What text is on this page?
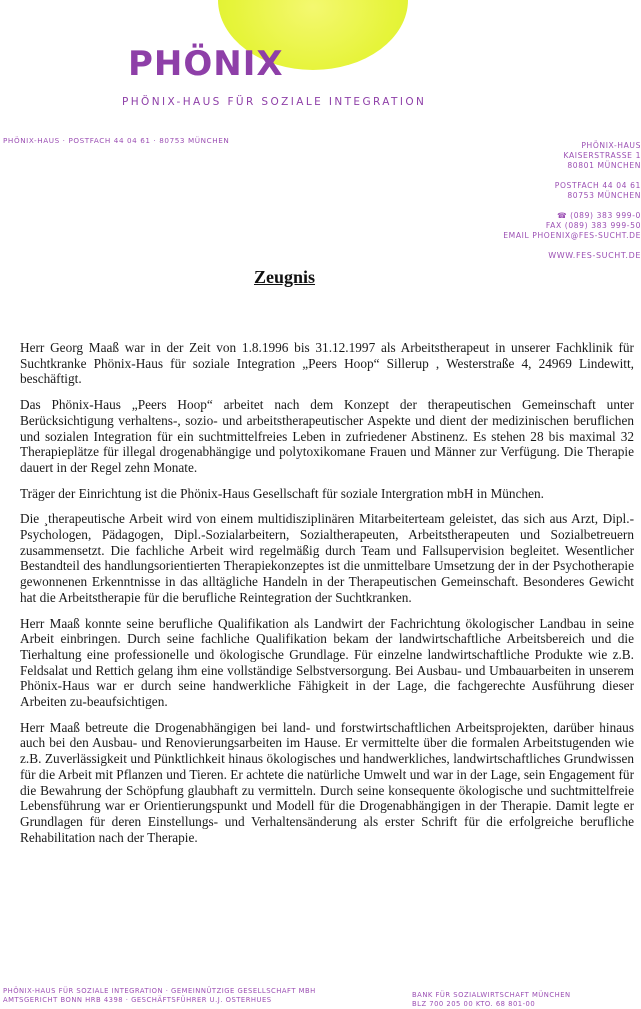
PHÖNIX
PHÖNIX-HAUS FÜR SOZIALE INTEGRATION
PHÖNIX-HAUS · POSTFACH 44 04 61 · 80753 MÜNCHEN
PHÖNIX-HAUS
KAISERSTRASSE 1
80801 MÜNCHEN
POSTFACH 44 04 61
80753 MÜNCHEN
☎ (089) 383 999-0
FAX (089) 383 999-50
EMAIL PHOENIX@FES-SUCHT.DE
WWW.FES-SUCHT.DE
Zeugnis

Herr Georg Maaß war in der Zeit von 1.8.1996 bis 31.12.1997 als Arbeitstherapeut in unserer Fachklinik für Suchtkranke Phönix-Haus für soziale Integration „Peers Hoop“ Sillerup , Westerstraße 4, 24969 Lindewitt, beschäftigt.

Das Phönix-Haus „Peers Hoop“ arbeitet nach dem Konzept der therapeutischen Gemeinschaft unter Berücksichtigung verhaltens-, sozio- und arbeitstherapeutischer Aspekte und dient der medizinischen beruflichen und sozialen Integration für ein suchtmittelfreies Leben in zufriedener Abstinenz. Es stehen 28 bis maximal 32 Therapieplätze für illegal drogenabhängige und polytoxikomane Frauen und Männer zur Verfügung. Die Therapie dauert in der Regel zehn Monate.

Träger der Einrichtung ist die Phönix-Haus Gesellschaft für soziale Intergration mbH in München.

Die ¸therapeutische Arbeit wird von einem multidisziplinären Mitarbeiterteam geleistet, das sich aus Arzt, Dipl.-Psychologen, Pädagogen, Dipl.-Sozialarbeitern, Sozialtherapeuten, Arbeitstherapeuten und Sozialbetreuern zusammensetzt. Die fachliche Arbeit wird regelmäßig durch Team und Fallsupervision begleitet. Wesentlicher Bestandteil des handlungsorientierten Therapiekonzeptes ist die unmittelbare Umsetzung der in der Psychotherapie gewonnenen Erkenntnisse in das alltägliche Handeln in der Therapeutischen Gemeinschaft. Besonderes Gewicht hat die Arbeitstherapie für die berufliche Reintegration der Suchtkranken.

Herr Maaß konnte seine berufliche Qualifikation als Landwirt der Fachrichtung ökologischer Landbau in seine Arbeit einbringen. Durch seine fachliche Qualifikation bekam der landwirtschaftliche Arbeitsbereich und die Tierhaltung eine professionelle und ökologische Grundlage. Für einzelne landwirtschaftliche Produkte wie z.B. Feldsalat und Rettich gelang ihm eine vollständige Selbstversorgung. Bei Ausbau- und Umbauarbeiten in unserem Phönix-Haus war er durch seine handwerkliche Fähigkeit in der Lage, die fachgerechte Ausführung dieser Arbeiten zu-beaufsichtigen.

Herr Maaß betreute die Drogenabhängigen bei land- und forstwirtschaftlichen Arbeitsprojekten, darüber hinaus auch bei den Ausbau- und Renovierungsarbeiten im Hause. Er vermittelte über die formalen Arbeitstugenden wie z.B. Zuverlässigkeit und Pünktlichkeit hinaus ökologisches und handwerkliches, landwirtschaftliches Grundwissen für die Arbeit mit Pflanzen und Tieren. Er achtete die natürliche Umwelt und war in der Lage, sein Engagement für die Bewahrung der Schöpfung glaubhaft zu vermitteln. Durch seine konsequente ökologische und suchtmittelfreie Lebensführung war er Orientierungspunkt und Modell für die Drogenabhängigen in der Therapie. Damit legte er Grundlagen für deren Einstellungs- und Verhaltensänderung als erster Schrift für die erfolgreiche berufliche Rehabilitation nach der Therapie.

PHÖNIX-HAUS FÜR SOZIALE INTEGRATION · GEMEINNÜTZIGE GESELLSCHAFT MBH
AMTSGERICHT BONN HRB 4398 · GESCHÄFTSFÜHRER U.J. OSTERHUES
BANK FÜR SOZIALWIRTSCHAFT MÜNCHEN
BLZ 700 205 00 KTO. 68 801-00
